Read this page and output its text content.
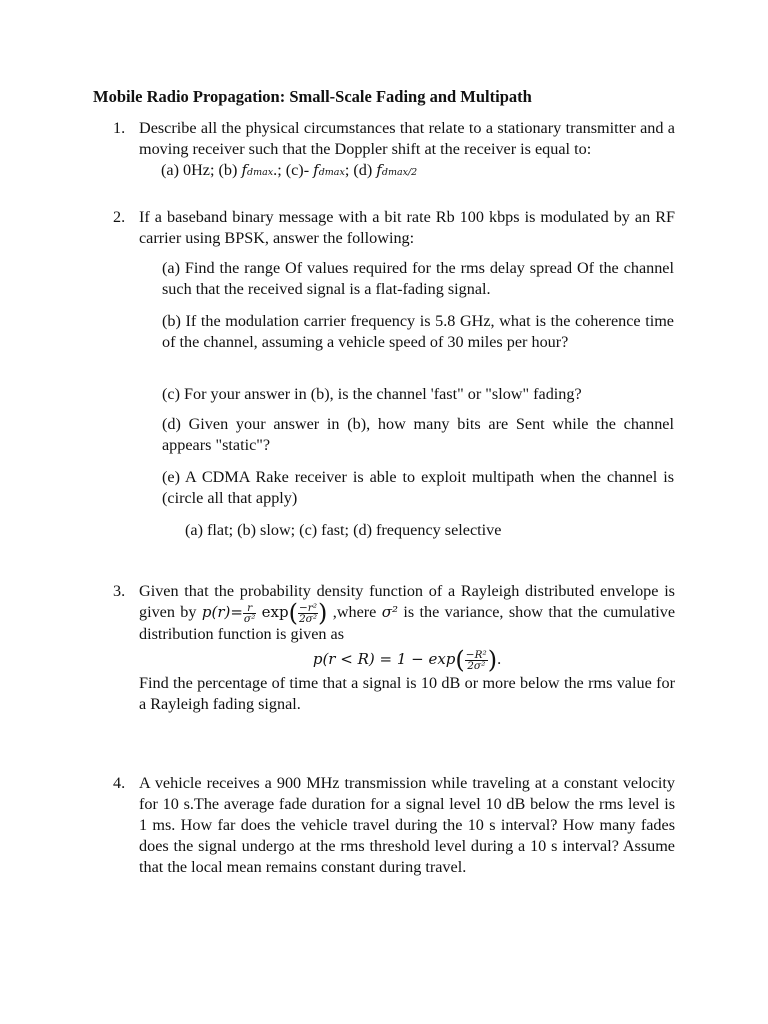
Mobile Radio Propagation: Small-Scale Fading and Multipath
1. Describe all the physical circumstances that relate to a stationary transmitter and a moving receiver such that the Doppler shift at the receiver is equal to:
(a) 0Hz; (b) fdmax.; (c)- fdmax; (d) fdmax/2
2. If a baseband binary message with a bit rate Rb 100 kbps is modulated by an RF carrier using BPSK, answer the following:
(a) Find the range Of values required for the rms delay spread Of the channel such that the received signal is a flat-fading signal.
(b) If the modulation carrier frequency is 5.8 GHz, what is the coherence time of the channel, assuming a vehicle speed of 30 miles per hour?
(c) For your answer in (b), is the channel 'fast" or "slow" fading?
(d) Given your answer in (b), how many bits are Sent while the channel appears "static"?
(e) A CDMA Rake receiver is able to exploit multipath when the channel is (circle all that apply)
(a) flat; (b) slow; (c) fast; (d) frequency selective
3. Given that the probability density function of a Rayleigh distributed envelope is given by $p(r)= \frac{r}{\text{σ²}} \exp( \frac{\text{−r²}}{\text{2σ²}}$ ) ,where σ² is the variance, show that the cumulative distribution function is given as
$p(r < R) = 1 - \exp( \frac{\text{−R²}}{\text{2σ²}}$ ).
Find the percentage of time that a signal is 10 dB or more below the rms value for a Rayleigh fading signal.
4. A vehicle receives a 900 MHz transmission while traveling at a constant velocity for 10 s.The average fade duration for a signal level 10 dB below the rms level is 1 ms. How far does the vehicle travel during the 10 s interval? How many fades does the signal undergo at the rms threshold level during a 10 s interval? Assume that the local mean remains constant during travel.
